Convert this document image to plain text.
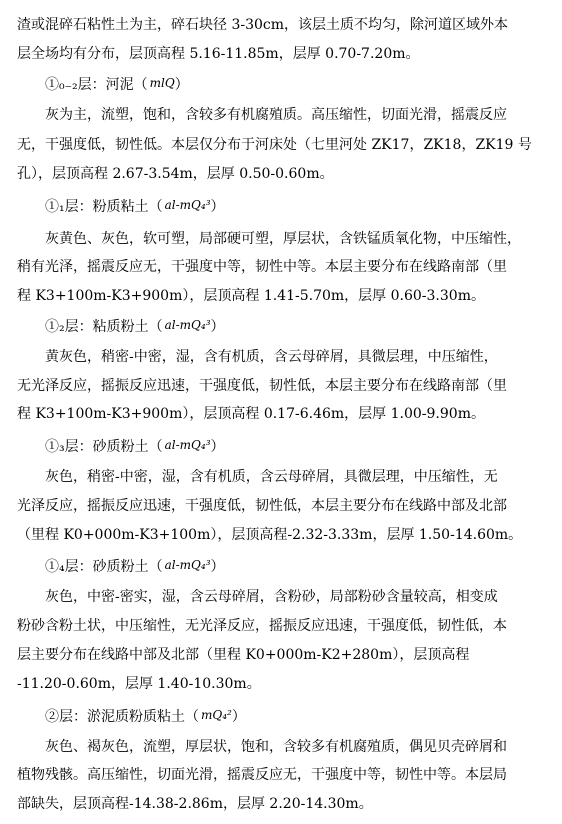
渣或混碎石粘性土为主，碎石块径 3-30cm，该层土质不均匀，除河道区域外本
层全场均有分布，层顶高程 5.16-11.85m，层厚 0.70-7.20m。
①₀₋₂层：河泥（ mlQ）
灰为主，流塑，饱和，含较多有机腐殖质。高压缩性，切面光滑，摇震反应
无，干强度低，韧性低。本层仅分布于河床处（七里河处 ZK17，ZK18，ZK19 号
孔），层顶高程 2.67-3.54m，层厚 0.50-0.60m。
①₁层：粉质粘土（ al-mQ₄³）
灰黄色、灰色，软可塑，局部硬可塑，厚层状，含铁锰质氧化物，中压缩性，
稍有光泽，摇震反应无，干强度中等，韧性中等。本层主要分布在线路南部（里
程 K3+100m-K3+900m），层顶高程 1.41-5.70m，层厚 0.60-3.30m。
①₂层：粘质粉土（ al-mQ₄³）
黄灰色，稍密-中密，湿，含有机质，含云母碎屑，具微层理，中压缩性，
无光泽反应，摇振反应迅速，干强度低，韧性低，本层主要分布在线路南部（里
程 K3+100m-K3+900m），层顶高程 0.17-6.46m，层厚 1.00-9.90m。
①₃层：砂质粉土（ al-mQ₄³）
灰色，稍密-中密，湿，含有机质，含云母碎屑，具微层理，中压缩性，无
光泽反应，摇振反应迅速，干强度低，韧性低，本层主要分布在线路中部及北部
（里程 K0+000m-K3+100m），层顶高程-2.32-3.33m，层厚 1.50-14.60m。
①₄层：砂质粉土（ al-mQ₄³）
灰色，中密-密实，湿，含云母碎屑，含粉砂，局部粉砂含量较高，相变成
粉砂含粉土状，中压缩性，无光泽反应，摇振反应迅速，干强度低，韧性低，本
层主要分布在线路中部及北部（里程 K0+000m-K2+280m），层顶高程
-11.20-0.60m，层厚 1.40-10.30m。
②层：淤泥质粉质粘土（ mQ₄²）
灰色、褐灰色，流塑，厚层状，饱和，含较多有机腐殖质，偶见贝壳碎屑和
植物残骸。高压缩性，切面光滑，摇震反应无，干强度中等，韧性中等。本层局
部缺失，层顶高程-14.38-2.86m，层厚 2.20-14.30m。
